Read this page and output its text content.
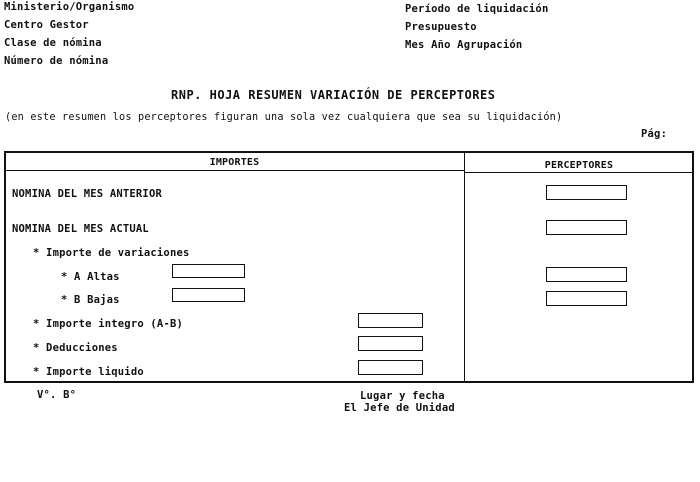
Ministerio/Organismo
Centro Gestor
Clase de nómina
Número de nómina
Período de liquidación
Presupuesto
Mes Año Agrupación
RNP. HOJA RESUMEN VARIACIÓN DE PERCEPTORES
(en este resumen los perceptores figuran una sola vez cualquiera que sea su liquidación)
Pág:
IMPORTES	PERCEPTORES
NOMINA DEL MES ANTERIOR
NOMINA DEL MES ACTUAL
* Importe de variaciones
* A Altas
* B Bajas
* Importe integro (A-B)
* Deducciones
* Importe liquido
V°. B°	Lugar y fecha
El Jefe de Unidad
